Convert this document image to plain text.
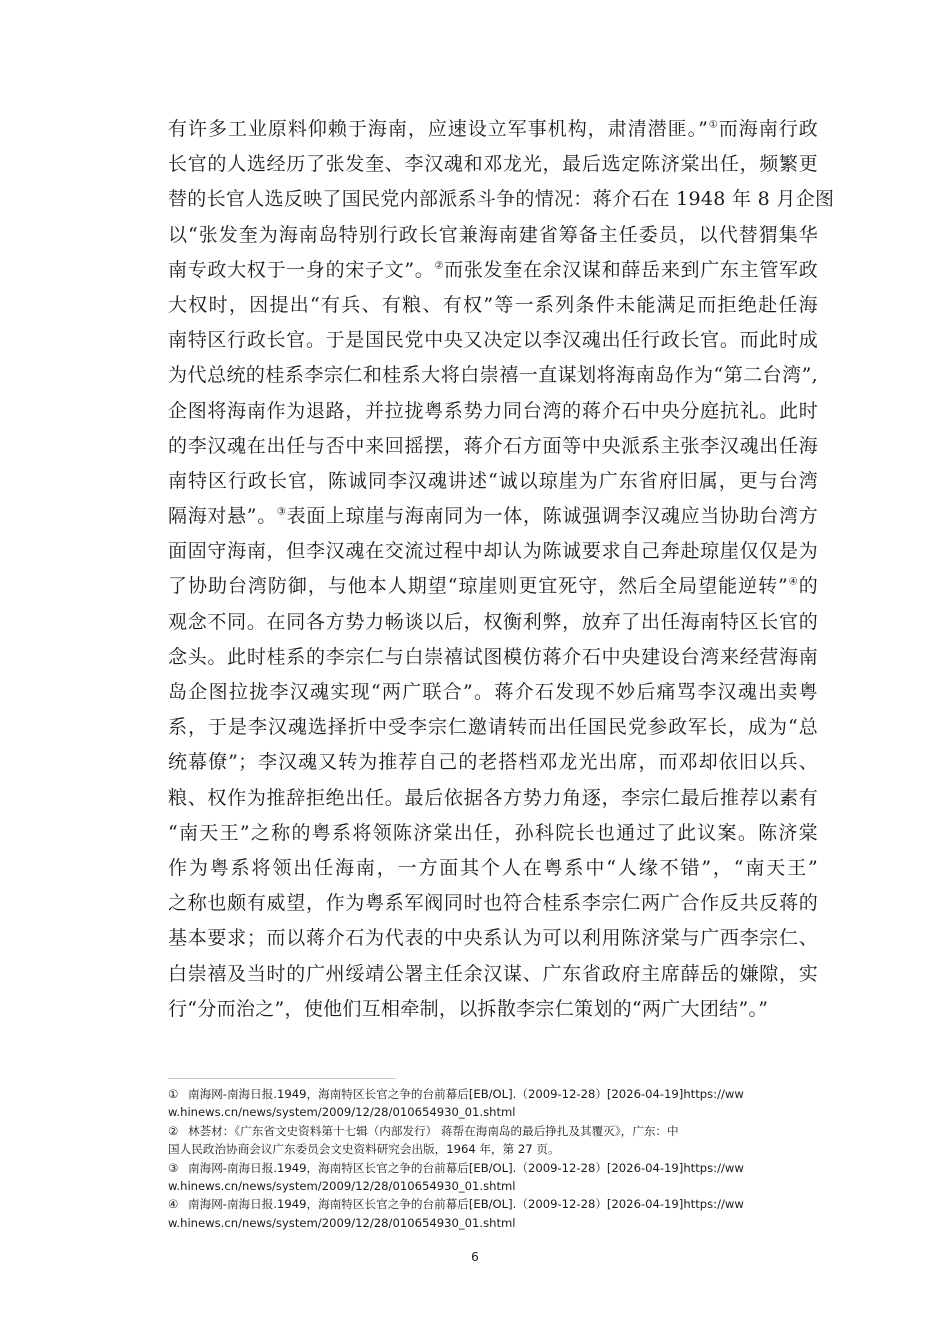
有许多工业原料仰赖于海南，应速设立军事机构，肃清潜匪。”①而海南行政
长官的人选经历了张发奎、李汉魂和邓龙光，最后选定陈济棠出任，频繁更
替的长官人选反映了国民党内部派系斗争的情况：蒋介石在 1948 年 8 月企图
以“张发奎为海南岛特别行政长官兼海南建省筹备主任委员，以代替猬集华
南专政大权于一身的宋子文”。②而张发奎在余汉谋和薛岳来到广东主管军政
大权时，因提出“有兵、有粮、有权”等一系列条件未能满足而拒绝赴任海
南特区行政长官。于是国民党中央又决定以李汉魂出任行政长官。而此时成
为代总统的桂系李宗仁和桂系大将白崇禧一直谋划将海南岛作为“第二台湾”,
企图将海南作为退路，并拉拢粤系势力同台湾的蒋介石中央分庭抗礼。此时
的李汉魂在出任与否中来回摇摆，蒋介石方面等中央派系主张李汉魂出任海
南特区行政长官，陈诚同李汉魂讲述“诚以琼崖为广东省府旧属，更与台湾
隔海对悬”。③表面上琼崖与海南同为一体，陈诚强调李汉魂应当协助台湾方
面固守海南，但李汉魂在交流过程中却认为陈诚要求自己奔赴琼崖仅仅是为
了协助台湾防御，与他本人期望“琼崖则更宜死守，然后全局望能逆转”④的
观念不同。在同各方势力畅谈以后，权衡利弊，放弃了出任海南特区长官的
念头。此时桂系的李宗仁与白崇禧试图模仿蒋介石中央建设台湾来经营海南
岛企图拉拢李汉魂实现“两广联合”。蒋介石发现不妙后痛骂李汉魂出卖粤
系，于是李汉魂选择折中受李宗仁邀请转而出任国民党参政军长，成为“总
统幕僚”；李汉魂又转为推荐自己的老搭档邓龙光出席，而邓却依旧以兵、
粮、权作为推辞拒绝出任。最后依据各方势力角逐，李宗仁最后推荐以素有
“南天王”之称的粤系将领陈济棠出任，孙科院长也通过了此议案。陈济棠
作为粤系将领出任海南，一方面其个人在粤系中“人缘不错”，“南天王”
之称也颇有威望，作为粤系军阀同时也符合桂系李宗仁两广合作反共反蒋的
基本要求；而以蒋介石为代表的中央系认为可以利用陈济棠与广西李宗仁、
白崇禧及当时的广州绥靖公署主任余汉谋、广东省政府主席薛岳的嫌隙，实
行“分而治之”，使他们互相牵制，以拆散李宗仁策划的“两广大团结”。”
① 南海网-南海日报.1949，海南特区长官之争的台前幕后[EB/OL].（2009-12-28）[2026-04-19]https://ww
w.hinews.cn/news/system/2009/12/28/010654930_01.shtml
② 林荟材：《广东省文史资料第十七辑（内部发行） 蒋帮在海南岛的最后挣扎及其覆灭》，广东：中
国人民政治协商会议广东委员会文史资料研究会出版，1964 年，第 27 页。
③ 南海网-南海日报.1949，海南特区长官之争的台前幕后[EB/OL].（2009-12-28）[2026-04-19]https://ww
w.hinews.cn/news/system/2009/12/28/010654930_01.shtml
④ 南海网-南海日报.1949，海南特区长官之争的台前幕后[EB/OL].（2009-12-28）[2026-04-19]https://ww
w.hinews.cn/news/system/2009/12/28/010654930_01.shtml
6
